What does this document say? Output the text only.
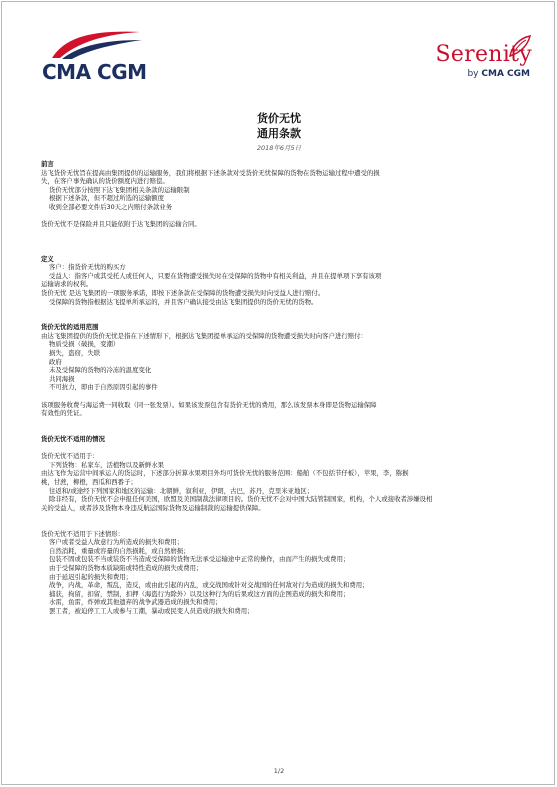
CMA CGM
Serenity
by CMA CGM
货价无忧
通用条款
2018年6月5日

前言

达飞货价无忧旨在提高由集团提供的运输服务，我们将根据下述条款对受货价无忧保障的货物在货物运输过程中遭受的损

失，在客户事先确认的货价额度内进行赔偿。

货价无忧部分按照下达飞集团相关条款的运输限制

根据下述条款，但不超过所选的运输额度

收到全部必要文件后30天之内赔付条款业务

货价无忧不是保险并且只能依附于达飞集团的运输合同。

定义

客户：指货价无忧的购买方

受益人：指客户或其受托人或任何人，只要在货物遭受损失时在受保障的货物中有相关利益，并且在提单项下享有该项

运输请求的权利。

货价无忧 是达飞集团的一项服务承诺，即按下述条款在受保障的货物遭受损失时向受益人进行赔付。

受保障的货物指根据达飞提单所承运的，并且客户确认接受由达飞集团提供的货价无忧的货物。

货价无忧的适用范围

由达飞集团提供的货价无忧是指在下述情形下，根据达飞集团提单承运的受保障的货物遭受损失时向客户进行赔付：

物质受损（破损，变潮）

损失，盗窃，失联

政府

未及受保障的货物的冷冻的温度变化

共同海损

不可抗力，即由于自然原因引起的事件

该项服务收费与海运费一同收取（同一张发票）。如果该发票包含有货价无忧的费用，那么该发票本身即是货物运输保障

有效性的凭证。

货价无忧不适用的情况

货价无忧不适用于：

下列货物：私家车，活植物以及新鲜水果

由达飞作为运营中间承运人的货运时，下述部分折算水果项目外均可货价无忧的服务范围：船舶（不包括节仔板），苹果，李，猕猴

桃，甘蔗，柳橙，西瓜和西番子；

往返和/或途经下列国家和地区的运输：北朝鲜，叙利亚，伊朗，古巴，苏丹，克里米亚地区；

除非经有，货价无忧不会申报任何美国，欧盟及美国制裁法律项目的。货价无忧不会对中国大陆管制国家，机构，个人或接收者涉嫌设相

关的受益人，或者涉及货物本身违反航运国际货物及运输制裁的运输提供保障。

货价无忧不适用于下述情形：

客户或者受益人故意行为所造成的损失和费用；

自然消耗，重量或容量的自然损耗，或自然磨损；

包装不固或包装不当或装货不当造成受保障的货物无法承受运输途中正常的操作，由而产生的损失或费用；

由于受保障的货物本质缺陷或特性造成的损失或费用；

由于延迟引起的损失和费用；

战争，内战，革命，叛乱，造反，或由此引起的内乱，或交战国或针对交战国的任何敌对行为造成的损失和费用；

捕获，拘留，扣留，禁制，扣押（海盗行为除外）以及这种行为的后果或这方面的企图造成的损失和费用；

水雷，鱼雷，炸弹或其他遗弃的战争武器造成的损失和费用；

罢工者，被迫停工工人或参与工潮，暴动或民变人员造成的损失和费用；

1/2
